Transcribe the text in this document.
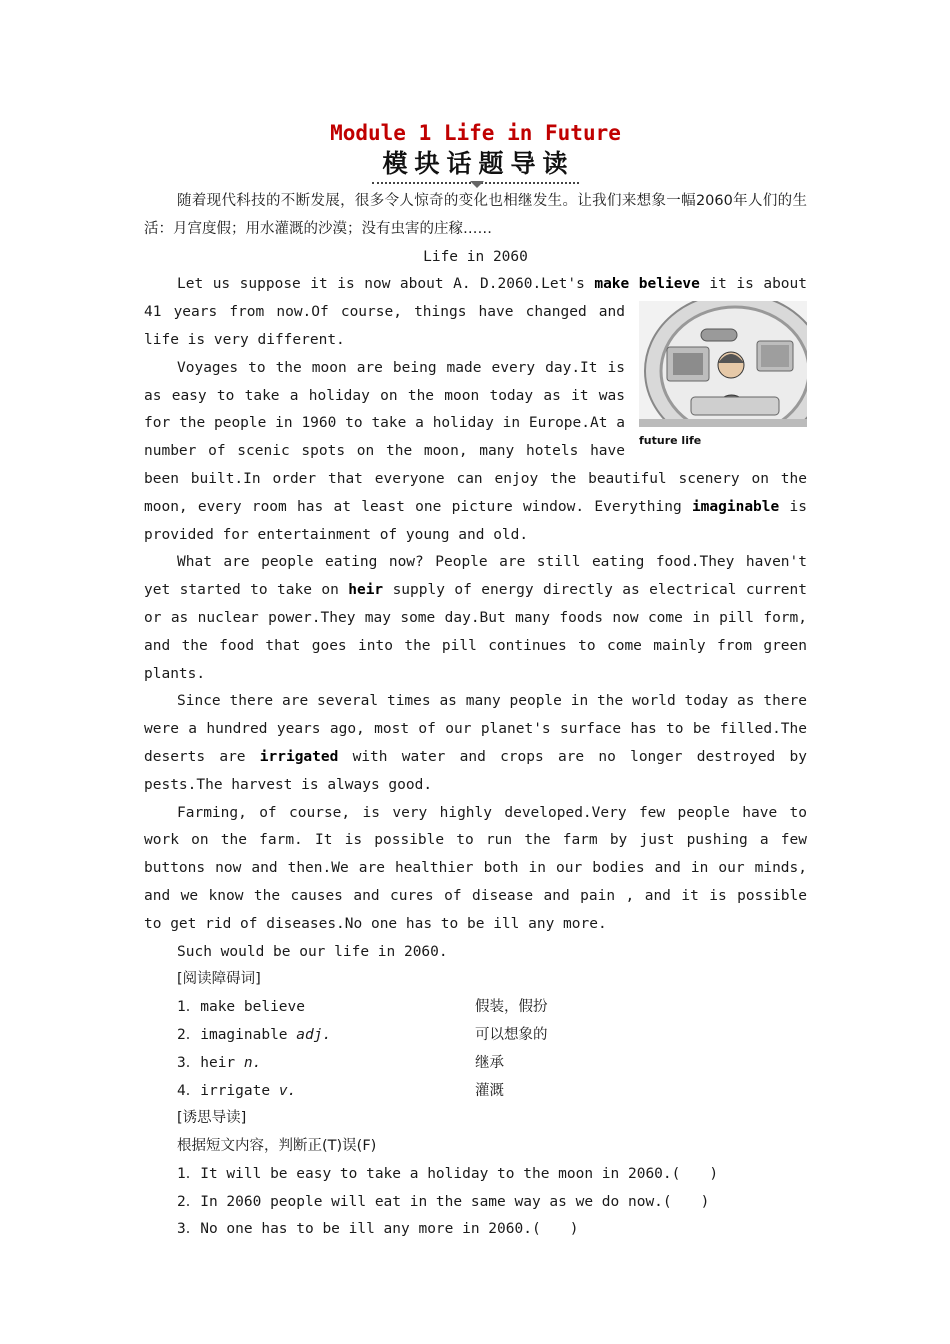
Module 1 Life in Future
模块话题导读

随着现代科技的不断发展，很多令人惊奇的变化也相继发生。让我们来想象一幅2060年人们的生活：月宫度假；用水灌溉的沙漠；没有虫害的庄稼……

Life in 2060

Let us suppose it is now about A. D.2060.Let's make believe
future life
it is about 41 years from now.Of course, things have changed and life is very different.

Voyages to the moon are being made every day.It is as easy to take a holiday on the moon today as it was for the people in 1960 to take a holiday in Europe.At a number of scenic spots on the moon, many hotels have been built.In order that everyone can enjoy the beautiful scenery on the moon, every room has at least one picture window. Everything imaginable is provided for entertainment of young and old.

What are people eating now? People are still eating food.They haven't yet started to take on heir supply of energy directly as electrical current or as nuclear power.They may some day.But many foods now come in pill form, and the food that goes into the pill continues to come mainly from green plants.

Since there are several times as many people in the world today as there were a hundred years ago, most of our planet's surface has to be filled.The deserts are irrigated with water and crops are no longer destroyed by pests.The harvest is always good.

Farming, of course, is very highly developed.Very few people have to work on the farm. It is possible to run the farm by just pushing a few buttons now and then.We are healthier both in our bodies and in our minds, and we know the causes and cures of disease and pain , and it is possible to get rid of diseases.No one has to be ill any more.

Such would be our life in 2060.

[阅读障碍词]

1．make believe	假装，假扮
2．imaginable adj.	可以想象的
3．heir n.	继承
4．irrigate v.	灌溉

[诱思导读]

根据短文内容，判断正(T)误(F)

1．It will be easy to take a holiday to the moon in 2060.(　　)

2．In 2060 people will eat in the same way as we do now.(　　)

3．No one has to be ill any more in 2060.(　　)
